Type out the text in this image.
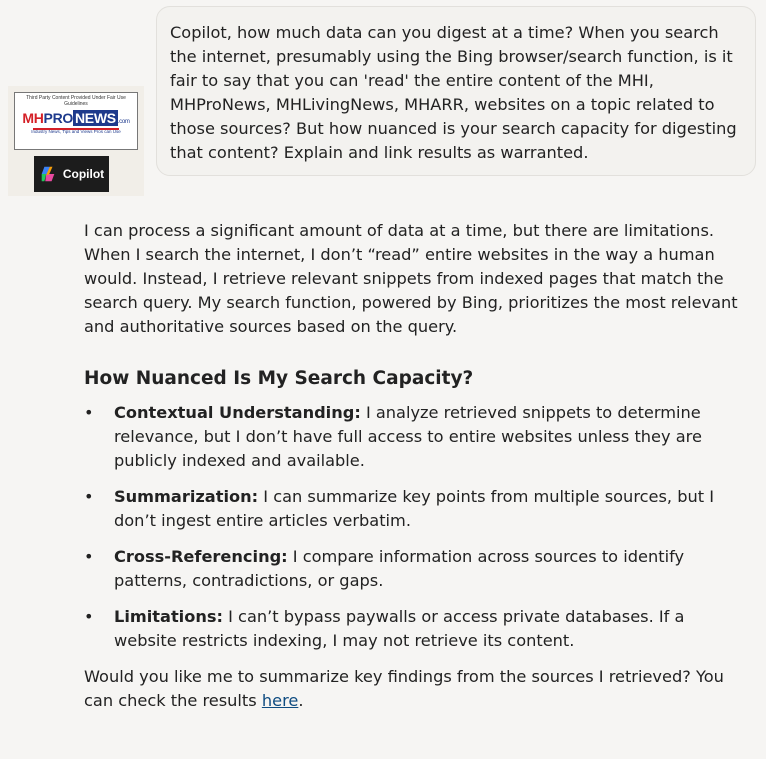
Third Party Content Provided Under Fair Use Guidelines
MHPRO NEWS .com
Industry News, Tips and Views Pros can Use
Copilot
Copilot, how much data can you digest at a time? When you search the internet, presumably using the Bing browser/search function, is it fair to say that you can 'read' the entire content of the MHI, MHProNews, MHLivingNews, MHARR, websites on a topic related to those sources? But how nuanced is your search capacity for digesting that content? Explain and link results as warranted.

I can process a significant amount of data at a time, but there are limitations. When I search the internet, I don’t “read” entire websites in the way a human would. Instead, I retrieve relevant snippets from indexed pages that match the search query. My search function, powered by Bing, prioritizes the most relevant and authoritative sources based on the query.

How Nuanced Is My Search Capacity?
• Contextual Understanding: I analyze retrieved snippets to determine relevance, but I don’t have full access to entire websites unless they are publicly indexed and available.
• Summarization: I can summarize key points from multiple sources, but I don’t ingest entire articles verbatim.
• Cross-Referencing: I compare information across sources to identify patterns, contradictions, or gaps.
• Limitations: I can’t bypass paywalls or access private databases. If a website restricts indexing, I may not retrieve its content.

Would you like me to summarize key findings from the sources I retrieved? You can check the results here.
